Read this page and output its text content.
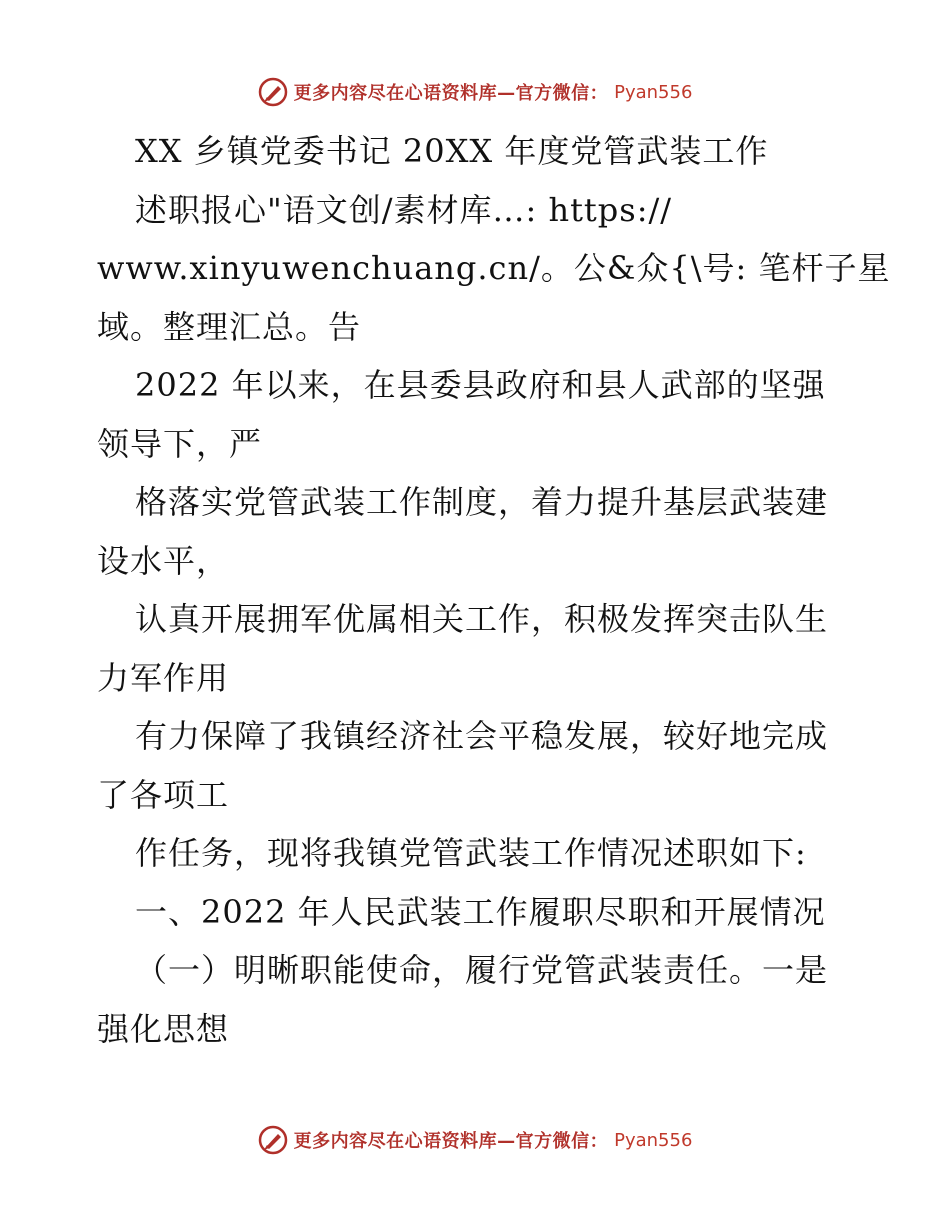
更多内容尽在心语资料库—官方微信： Pyan556
XX 乡镇党委书记 20XX 年度党管武装工作
述职报心"语文创/素材库…: https://
www.xinyuwenchuang.cn/。公&众{\号: 笔杆子星
域。整理汇总。告
2022 年以来，在县委县政府和县人武部的坚强
领导下，严
格落实党管武装工作制度，着力提升基层武装建
设水平，
认真开展拥军优属相关工作，积极发挥突击队生
力军作用
有力保障了我镇经济社会平稳发展，较好地完成
了各项工
作任务，现将我镇党管武装工作情况述职如下:
一、2022 年人民武装工作履职尽职和开展情况
（一）明晰职能使命，履行党管武装责任。一是
强化思想
更多内容尽在心语资料库—官方微信： Pyan556
